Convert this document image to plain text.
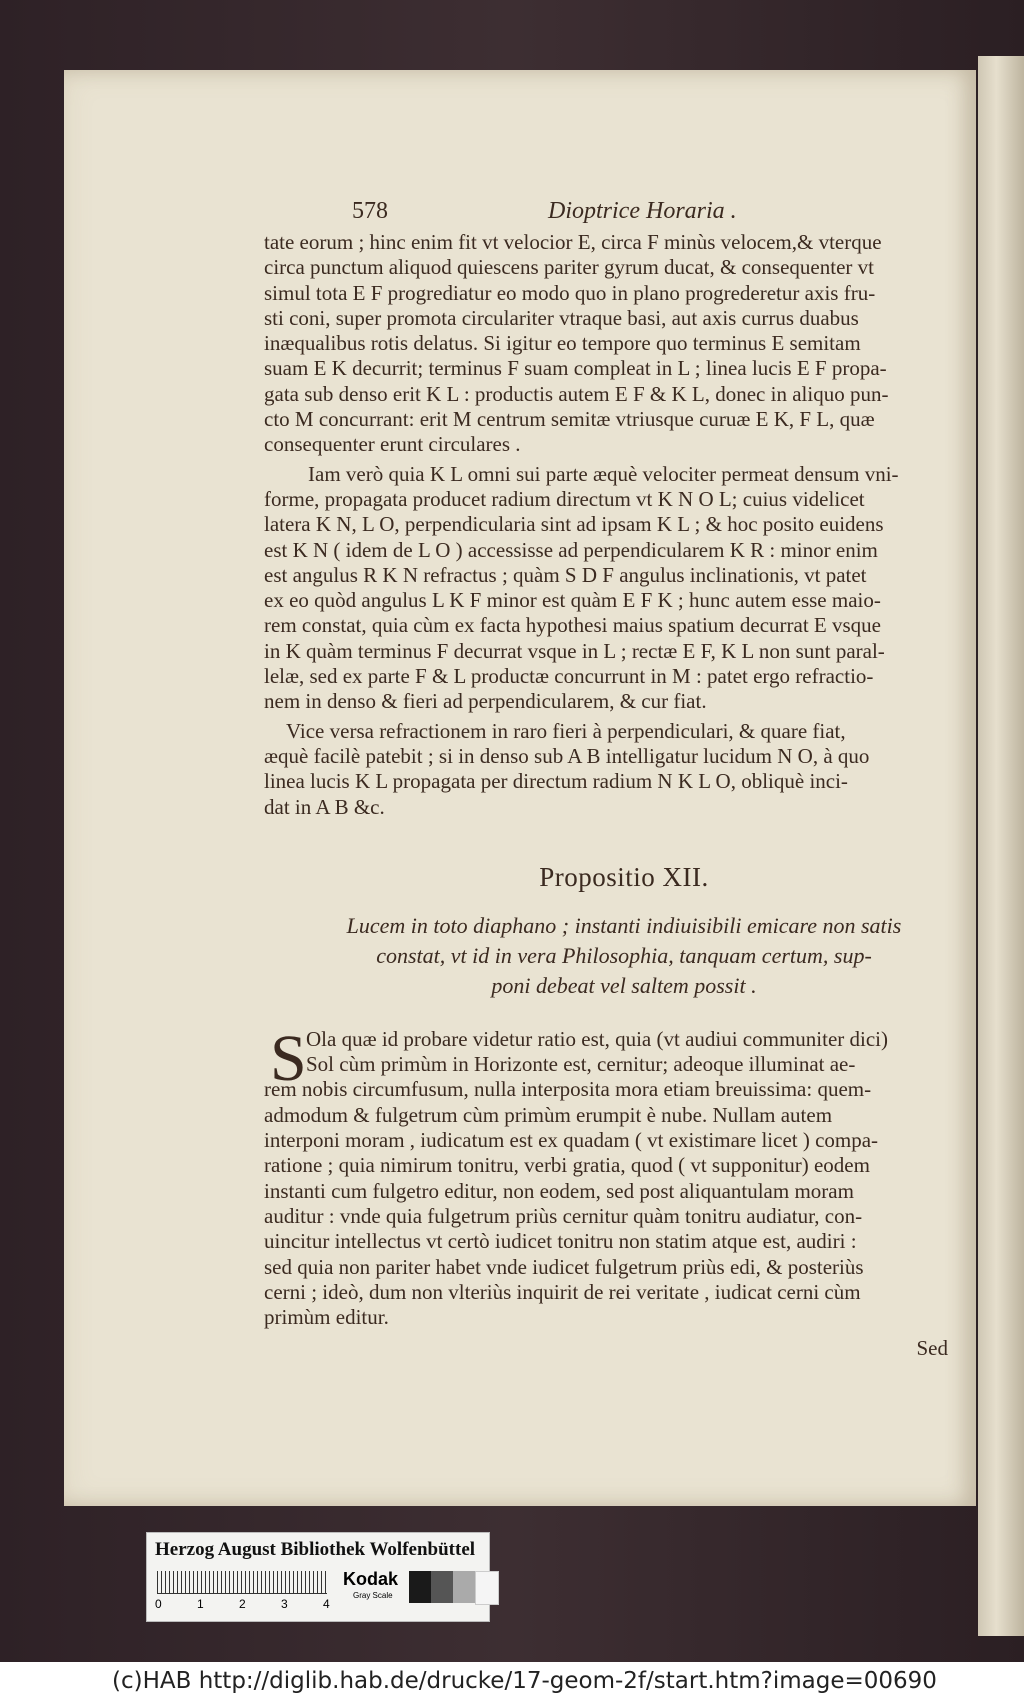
578	Dioptrice Horaria .
tate eorum ; hinc enim fit vt velocior E, circa F minùs velocem,& vterque
circa punctum aliquod quiescens pariter gyrum ducat, & consequenter vt
simul tota E F progrediatur eo modo quo in plano progrederetur axis fru-
sti coni, super promota circulariter vtraque basi, aut axis currus duabus
inæqualibus rotis delatus. Si igitur eo tempore quo terminus E semitam
suam E K decurrit; terminus F suam compleat in L ; linea lucis E F propa-
gata sub denso erit K L : productis autem E F & K L, donec in aliquo pun-
cto M concurrant: erit M centrum semitæ vtriusque curuæ E K, F L, quæ
consequenter erunt circulares .
Iam verò quia K L omni sui parte æquè velociter permeat densum vni-
forme, propagata producet radium directum vt K N O L; cuius videlicet
latera K N, L O, perpendicularia sint ad ipsam K L ; & hoc posito euidens
est K N ( idem de L O ) accessisse ad perpendicularem K R : minor enim
est angulus R K N refractus ; quàm S D F angulus inclinationis, vt patet
ex eo quòd angulus L K F minor est quàm E F K ; hunc autem esse maio-
rem constat, quia cùm ex facta hypothesi maius spatium decurrat E vsque
in K quàm terminus F decurrat vsque in L ; rectæ E F, K L non sunt paral-
lelæ, sed ex parte F & L productæ concurrunt in M : patet ergo refractio-
nem in denso & fieri ad perpendicularem, & cur fiat.
Vice versa refractionem in raro fieri à perpendiculari, & quare fiat,
æquè facilè patebit ; si in denso sub A B intelligatur lucidum N O, à quo
linea lucis K L propagata per directum radium N K L O, obliquè inci-
dat in A B &c.
Propositio XII.
Lucem in toto diaphano ; instanti indiuisibili emicare non satis
constat, vt id in vera Philosophia, tanquam certum, sup-
poni debeat vel saltem possit .
S Ola quæ id probare videtur ratio est, quia (vt audiui communiter dici)
Sol cùm primùm in Horizonte est, cernitur; adeoque illuminat ae-
rem nobis circumfusum, nulla interposita mora etiam breuissima: quem-
admodum & fulgetrum cùm primùm erumpit è nube. Nullam autem
interponi moram , iudicatum est ex quadam ( vt existimare licet ) compa-
ratione ; quia nimirum tonitru, verbi gratia, quod ( vt supponitur) eodem
instanti cum fulgetro editur, non eodem, sed post aliquantulam moram
auditur : vnde quia fulgetrum priùs cernitur quàm tonitru audiatur, con-
uincitur intellectus vt certò iudicet tonitru non statim atque est, audiri :
sed quia non pariter habet vnde iudicet fulgetrum priùs edi, & posteriùs
cerni ; ideò, dum non vlteriùs inquirit de rei veritate , iudicat cerni cùm
primùm editur.
Sed
Herzog August Bibliothek Wolfenbüttel
0	1	2	3	4
Kodak
Gray Scale
(c)HAB http://diglib.hab.de/drucke/17-geom-2f/start.htm?image=00690
